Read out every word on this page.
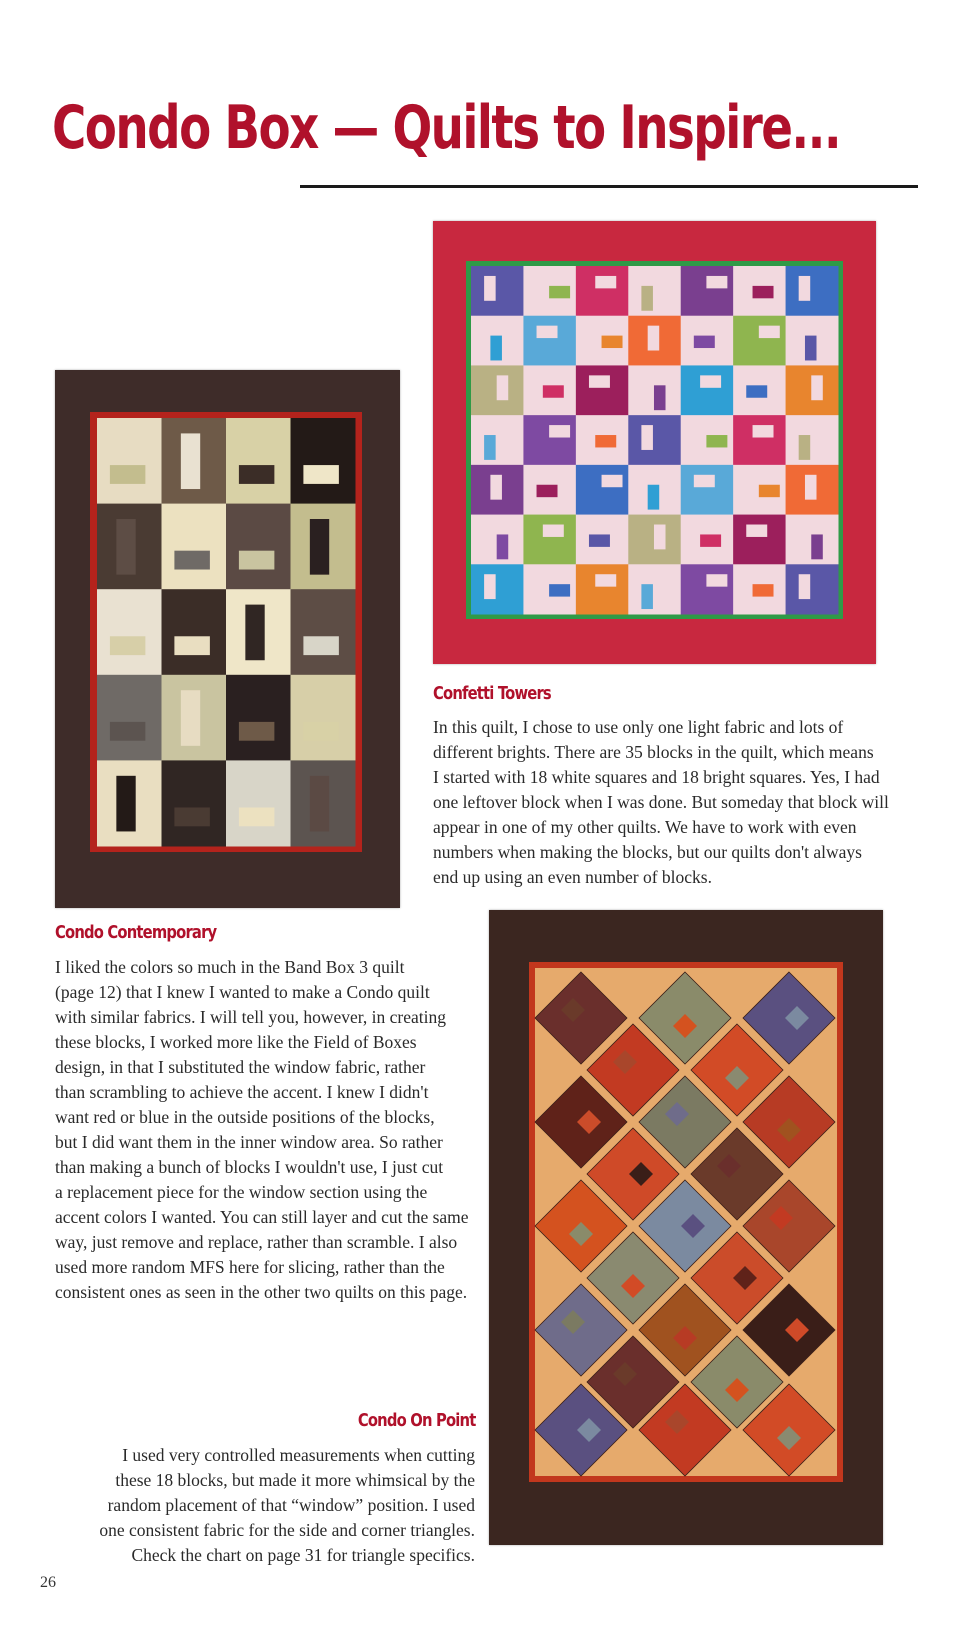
Condo Box — Quilts to Inspire...
Confetti Towers
In this quilt, I chose to use only one light fabric and lots of
different brights. There are 35 blocks in the quilt, which means
I started with 18 white squares and 18 bright squares. Yes, I had
one leftover block when I was done. But someday that block will
appear in one of my other quilts. We have to work with even
numbers when making the blocks, but our quilts don't always
end up using an even number of blocks.
Condo Contemporary
I liked the colors so much in the Band Box 3 quilt
(page 12) that I knew I wanted to make a Condo quilt
with similar fabrics. I will tell you, however, in creating
these blocks, I worked more like the Field of Boxes
design, in that I substituted the window fabric, rather
than scrambling to achieve the accent. I knew I didn't
want red or blue in the outside positions of the blocks,
but I did want them in the inner window area. So rather
than making a bunch of blocks I wouldn't use, I just cut
a replacement piece for the window section using the
accent colors I wanted. You can still layer and cut the same
way, just remove and replace, rather than scramble. I also
used more random MFS here for slicing, rather than the
consistent ones as seen in the other two quilts on this page.
Condo On Point
I used very controlled measurements when cutting
these 18 blocks, but made it more whimsical by the
random placement of that “window” position. I used
one consistent fabric for the side and corner triangles.
Check the chart on page 31 for triangle specifics.
26
